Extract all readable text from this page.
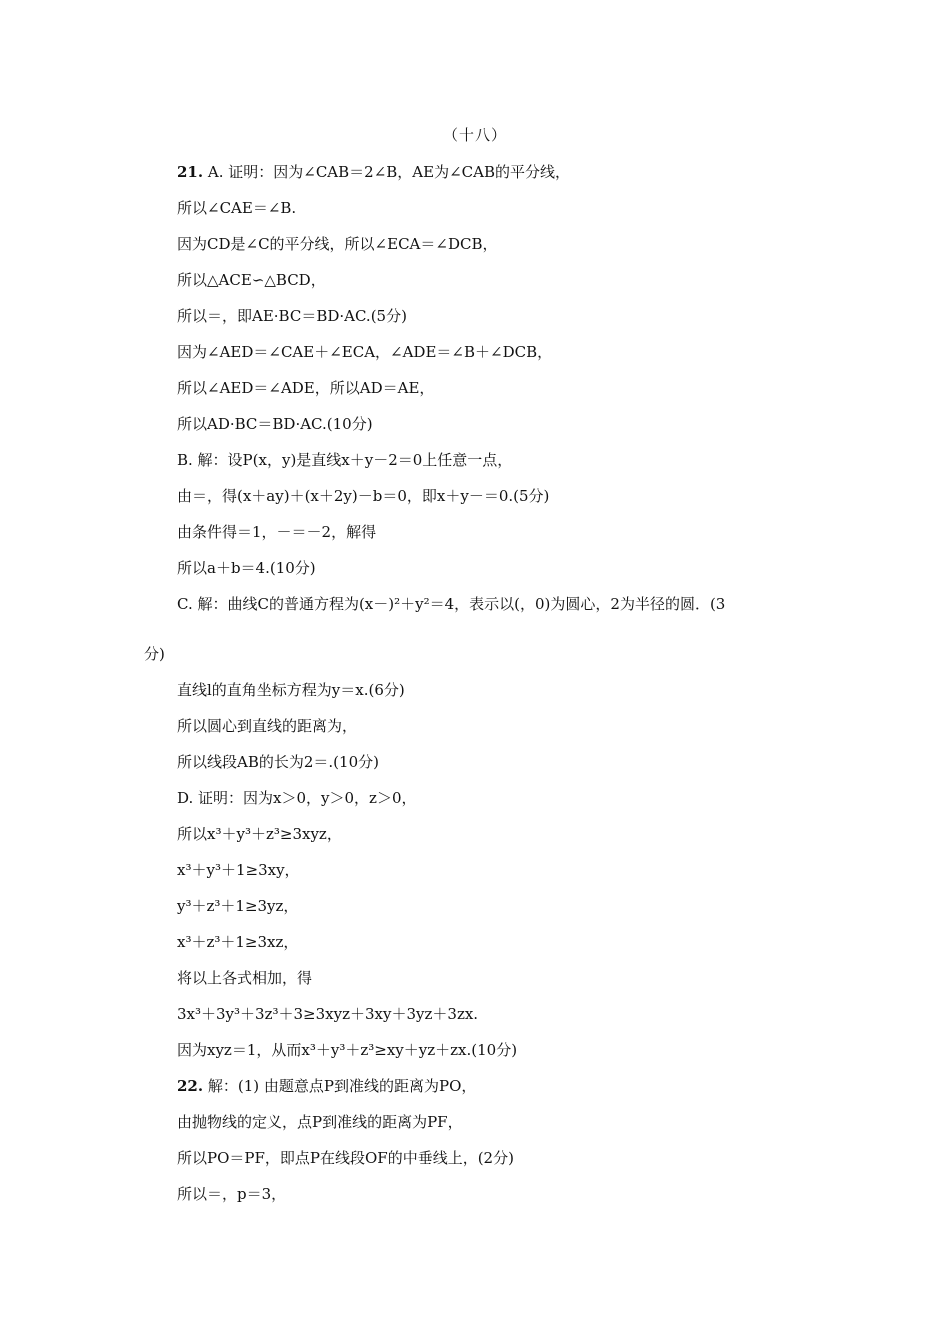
（十八）
21. A. 证明：因为∠CAB＝2∠B，AE为∠CAB的平分线，
所以∠CAE＝∠B.
因为CD是∠C的平分线，所以∠ECA＝∠DCB，
所以△ACE∽△BCD，
所以＝，即AE·BC＝BD·AC.(5分)
因为∠AED＝∠CAE＋∠ECA，∠ADE＝∠B＋∠DCB，
所以∠AED＝∠ADE，所以AD＝AE，
所以AD·BC＝BD·AC.(10分)
B. 解：设P(x，y)是直线x＋y－2＝0上任意一点，
由＝，得(x＋ay)＋(x＋2y)－b＝0，即x＋y－＝0.(5分)
由条件得＝1，－＝－2，解得
所以a＋b＝4.(10分)
C. 解：曲线C的普通方程为(x－)²＋y²＝4，表示以(，0)为圆心，2为半径的圆．(3
分)
直线l的直角坐标方程为y＝x.(6分)
所以圆心到直线的距离为，
所以线段AB的长为2＝.(10分)
D. 证明：因为x＞0，y＞0，z＞0，
所以x³＋y³＋z³≥3xyz，
x³＋y³＋1≥3xy，
y³＋z³＋1≥3yz，
x³＋z³＋1≥3xz，
将以上各式相加，得
3x³＋3y³＋3z³＋3≥3xyz＋3xy＋3yz＋3zx.
因为xyz＝1，从而x³＋y³＋z³≥xy＋yz＋zx.(10分)
22. 解：(1) 由题意点P到准线的距离为PO，
由抛物线的定义，点P到准线的距离为PF，
所以PO＝PF，即点P在线段OF的中垂线上，(2分)
所以＝，p＝3，
